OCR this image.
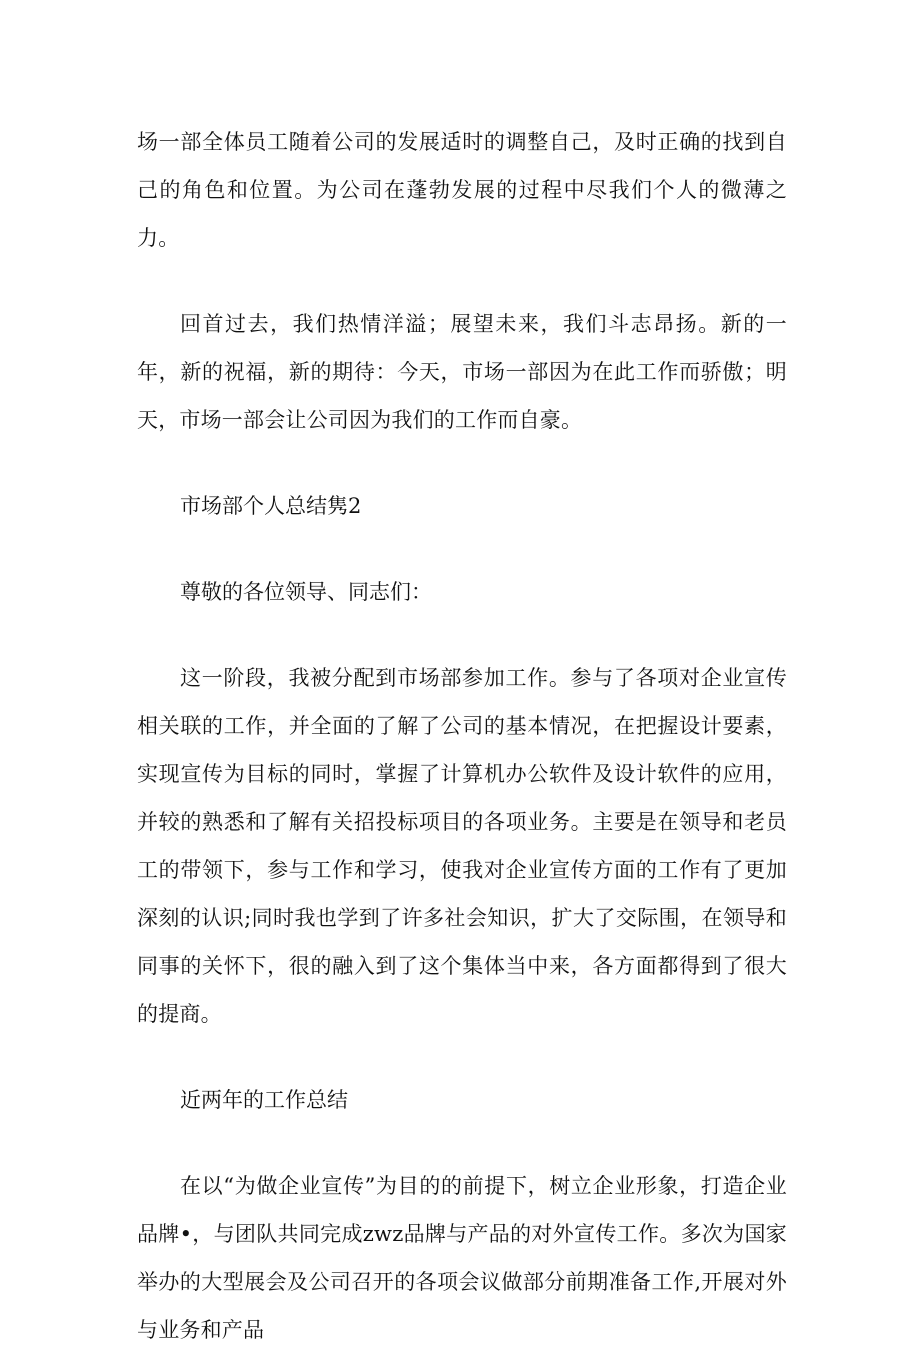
场一部全体员工随着公司的发展适时的调整自己，及时正确的找到自己的角色和位置。为公司在蓬勃发展的过程中尽我们个人的微薄之力。

回首过去，我们热情洋溢；展望未来，我们斗志昂扬。新的一年，新的祝福，新的期待：今天，市场一部因为在此工作而骄傲；明天，市场一部会让公司因为我们的工作而自豪。

市场部个人总结隽2

尊敬的各位领导、同志们：

这一阶段，我被分配到市场部参加工作。参与了各项对企业宣传相关联的工作，并全面的了解了公司的基本情况，在把握设计要素，实现宣传为目标的同时，掌握了计算机办公软件及设计软件的应用，并较的熟悉和了解有关招投标项目的各项业务。主要是在领导和老员工的带领下，参与工作和学习，使我对企业宣传方面的工作有了更加深刻的认识;同时我也学到了许多社会知识，扩大了交际围，在领导和同事的关怀下，很的融入到了这个集体当中来，各方面都得到了很大的提商。

近两年的工作总结

在以“为做企业宣传”为目的的前提下，树立企业形象，打造企业品牌•，与团队共同完成zwz品牌与产品的对外宣传工作。多次为国家举办的大型展会及公司召开的各项会议做部分前期准备工作,开展对外与业务和产品
